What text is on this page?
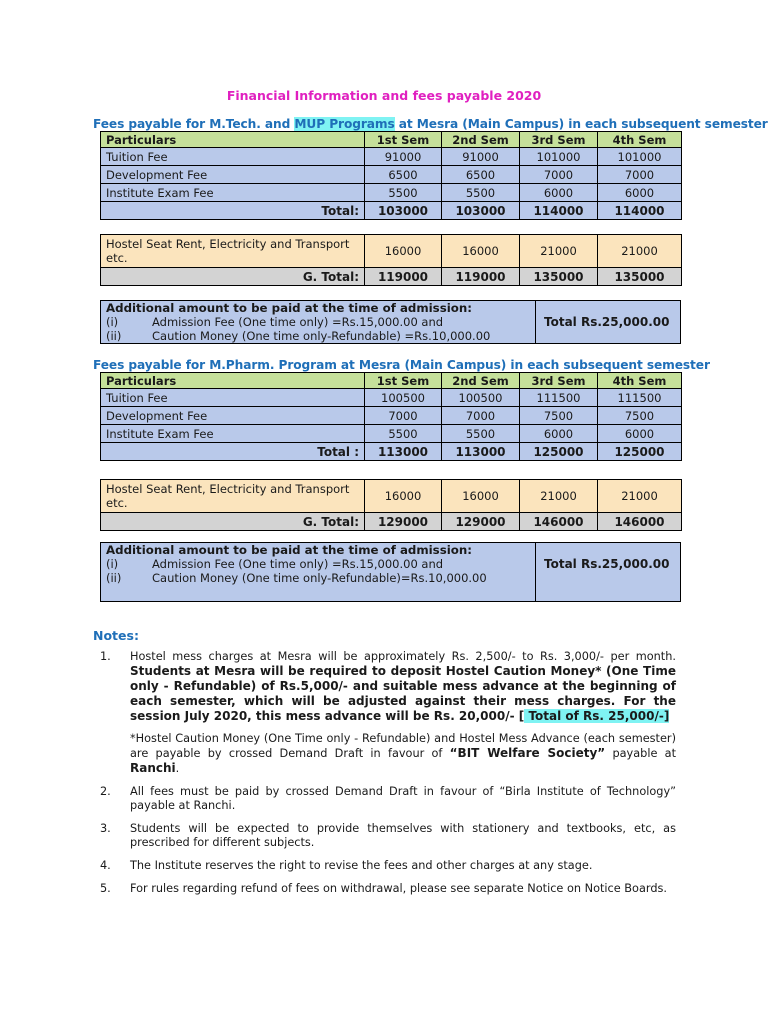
Financial Information and fees payable 2020
Fees payable for M.Tech. and MUP Programs at Mesra (Main Campus) in each subsequent semester
Particulars	1st Sem	2nd Sem	3rd Sem	4th Sem
Tuition Fee	91000	91000	101000	101000
Development Fee	6500	6500	7000	7000
Institute Exam Fee	5500	5500	6000	6000
Total:	103000	103000	114000	114000
Hostel Seat Rent, Electricity and Transport etc.	16000	16000	21000	21000
G. Total:	119000	119000	135000	135000
Additional amount to be paid at the time of admission:
(i)	Admission Fee (One time only) =Rs.15,000.00 and
(ii)	Caution Money (One time only-Refundable) =Rs.10,000.00
Total Rs.25,000.00
Fees payable for M.Pharm. Program at Mesra (Main Campus) in each subsequent semester
Particulars	1st Sem	2nd Sem	3rd Sem	4th Sem
Tuition Fee	100500	100500	111500	111500
Development Fee	7000	7000	7500	7500
Institute Exam Fee	5500	5500	6000	6000
Total :	113000	113000	125000	125000
Hostel Seat Rent, Electricity and Transport etc.	16000	16000	21000	21000
G. Total:	129000	129000	146000	146000
Additional amount to be paid at the time of admission:
(i)	Admission Fee (One time only) =Rs.15,000.00 and
(ii)	Caution Money (One time only-Refundable)=Rs.10,000.00
Total Rs.25,000.00
Notes:
1.	Hostel mess charges at Mesra will be approximately Rs. 2,500/- to Rs. 3,000/- per month. Students at Mesra will be required to deposit Hostel Caution Money* (One Time only - Refundable) of Rs.5,000/- and suitable mess advance at the beginning of each semester, which will be adjusted against their mess charges. For the session July 2020, this mess advance will be Rs. 20,000/- [ Total of Rs. 25,000/-]

*Hostel Caution Money (One Time only - Refundable) and Hostel Mess Advance (each semester) are payable by crossed Demand Draft in favour of “BIT Welfare Society” payable at Ranchi.

2.	All fees must be paid by crossed Demand Draft in favour of “Birla Institute of Technology” payable at Ranchi.
3.	Students will be expected to provide themselves with stationery and textbooks, etc, as prescribed for different subjects.
4.	The Institute reserves the right to revise the fees and other charges at any stage.
5.	For rules regarding refund of fees on withdrawal, please see separate Notice on Notice Boards.
